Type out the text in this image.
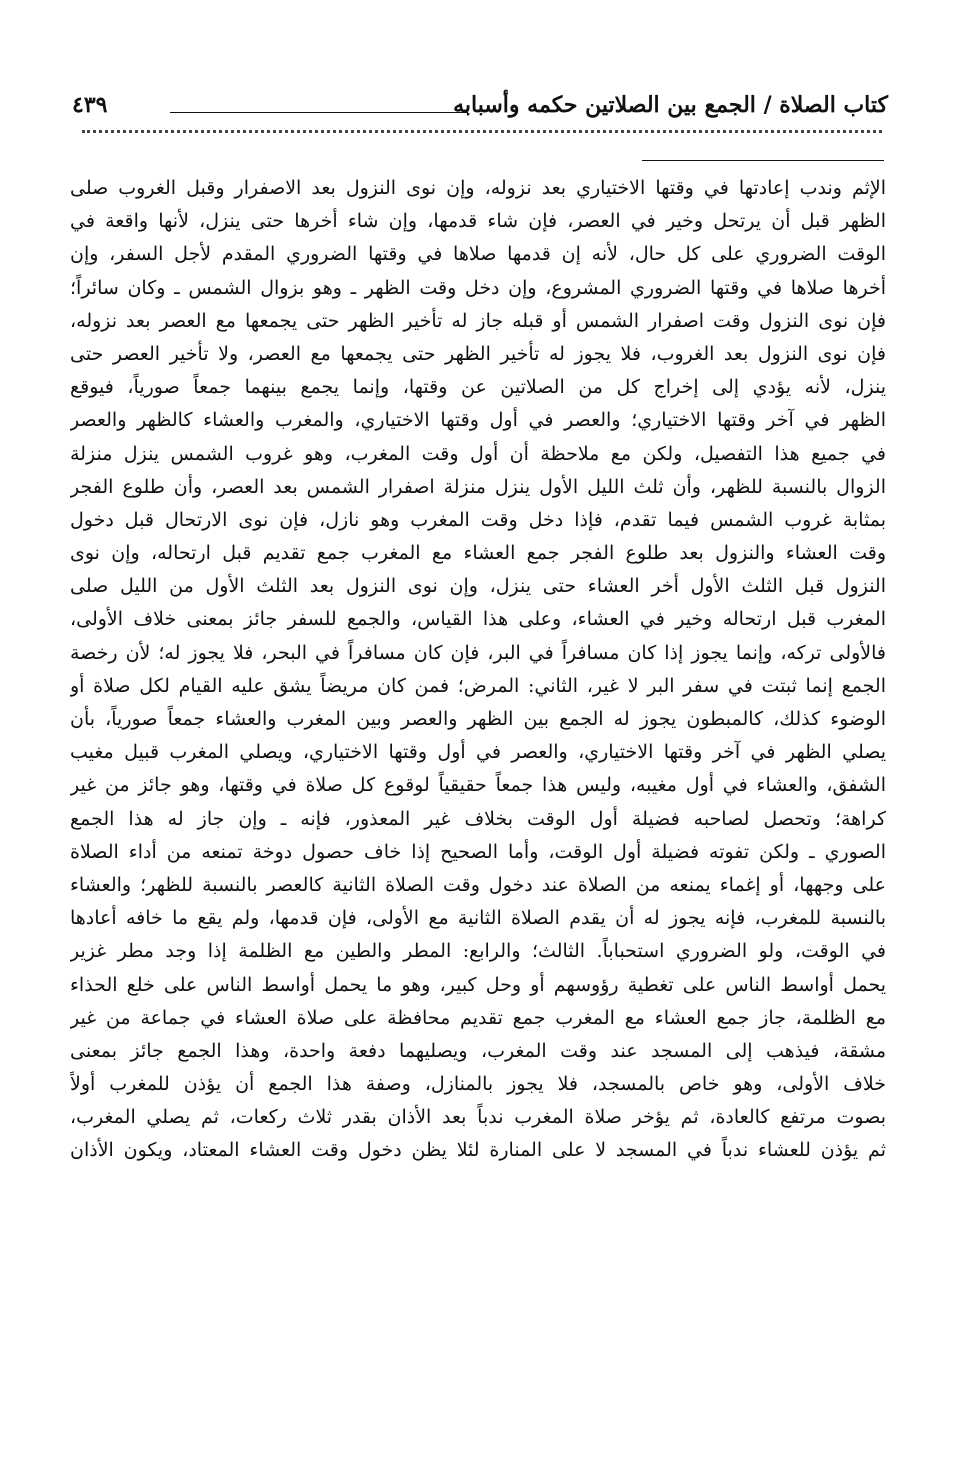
كتاب الصلاة / الجمع بين الصلاتين حكمه وأسبابه
٤٣٩
الإثم وندب إعادتها في وقتها الاختياري بعد نزوله، وإن نوى النزول بعد الاصفرار وقبل الغروب صلى
الظهر قبل أن يرتحل وخير في العصر، فإن شاء قدمها، وإن شاء أخرها حتى ينزل، لأنها واقعة في
الوقت الضروري على كل حال، لأنه إن قدمها صلاها في وقتها الضروري المقدم لأجل السفر، وإن
أخرها صلاها في وقتها الضروري المشروع، وإن دخل وقت الظهر ـ وهو بزوال الشمس ـ وكان سائراً؛
فإن نوى النزول وقت اصفرار الشمس أو قبله جاز له تأخير الظهر حتى يجمعها مع العصر بعد نزوله،
فإن نوى النزول بعد الغروب، فلا يجوز له تأخير الظهر حتى يجمعها مع العصر، ولا تأخير العصر حتى
ينزل، لأنه يؤدي إلى إخراج كل من الصلاتين عن وقتها، وإنما يجمع بينهما جمعاً صورياً، فيوقع
الظهر في آخر وقتها الاختياري؛ والعصر في أول وقتها الاختياري، والمغرب والعشاء كالظهر والعصر
في جميع هذا التفصيل، ولكن مع ملاحظة أن أول وقت المغرب، وهو غروب الشمس ينزل منزلة
الزوال بالنسبة للظهر، وأن ثلث الليل الأول ينزل منزلة اصفرار الشمس بعد العصر، وأن طلوع الفجر
بمثابة غروب الشمس فيما تقدم، فإذا دخل وقت المغرب وهو نازل، فإن نوى الارتحال قبل دخول
وقت العشاء والنزول بعد طلوع الفجر جمع العشاء مع المغرب جمع تقديم قبل ارتحاله، وإن نوى
النزول قبل الثلث الأول أخر العشاء حتى ينزل، وإن نوى النزول بعد الثلث الأول من الليل صلى
المغرب قبل ارتحاله وخير في العشاء، وعلى هذا القياس، والجمع للسفر جائز بمعنى خلاف الأولى،
فالأولى تركه، وإنما يجوز إذا كان مسافراً في البر، فإن كان مسافراً في البحر، فلا يجوز له؛ لأن رخصة
الجمع إنما ثبتت في سفر البر لا غير، الثاني: المرض؛ فمن كان مريضاً يشق عليه القيام لكل صلاة أو
الوضوء كذلك، كالمبطون يجوز له الجمع بين الظهر والعصر وبين المغرب والعشاء جمعاً صورياً، بأن
يصلي الظهر في آخر وقتها الاختياري، والعصر في أول وقتها الاختياري، ويصلي المغرب قبيل مغيب
الشفق، والعشاء في أول مغيبه، وليس هذا جمعاً حقيقياً لوقوع كل صلاة في وقتها، وهو جائز من غير
كراهة؛ وتحصل لصاحبه فضيلة أول الوقت بخلاف غير المعذور، فإنه ـ وإن جاز له هذا الجمع
الصوري ـ ولكن تفوته فضيلة أول الوقت، وأما الصحيح إذا خاف حصول دوخة تمنعه من أداء الصلاة
على وجهها، أو إغماء يمنعه من الصلاة عند دخول وقت الصلاة الثانية كالعصر بالنسبة للظهر؛ والعشاء
بالنسبة للمغرب، فإنه يجوز له أن يقدم الصلاة الثانية مع الأولى، فإن قدمها، ولم يقع ما خافه أعادها
في الوقت، ولو الضروري استحباباً. الثالث؛ والرابع: المطر والطين مع الظلمة إذا وجد مطر غزير
يحمل أواسط الناس على تغطية رؤوسهم أو وحل كبير، وهو ما يحمل أواسط الناس على خلع الحذاء
مع الظلمة، جاز جمع العشاء مع المغرب جمع تقديم محافظة على صلاة العشاء في جماعة من غير
مشقة، فيذهب إلى المسجد عند وقت المغرب، ويصليهما دفعة واحدة، وهذا الجمع جائز بمعنى
خلاف الأولى، وهو خاص بالمسجد، فلا يجوز بالمنازل، وصفة هذا الجمع أن يؤذن للمغرب أولاً
بصوت مرتفع كالعادة، ثم يؤخر صلاة المغرب ندباً بعد الأذان بقدر ثلاث ركعات، ثم يصلي المغرب،
ثم يؤذن للعشاء ندباً في المسجد لا على المنارة لئلا يظن دخول وقت العشاء المعتاد، ويكون الأذان
